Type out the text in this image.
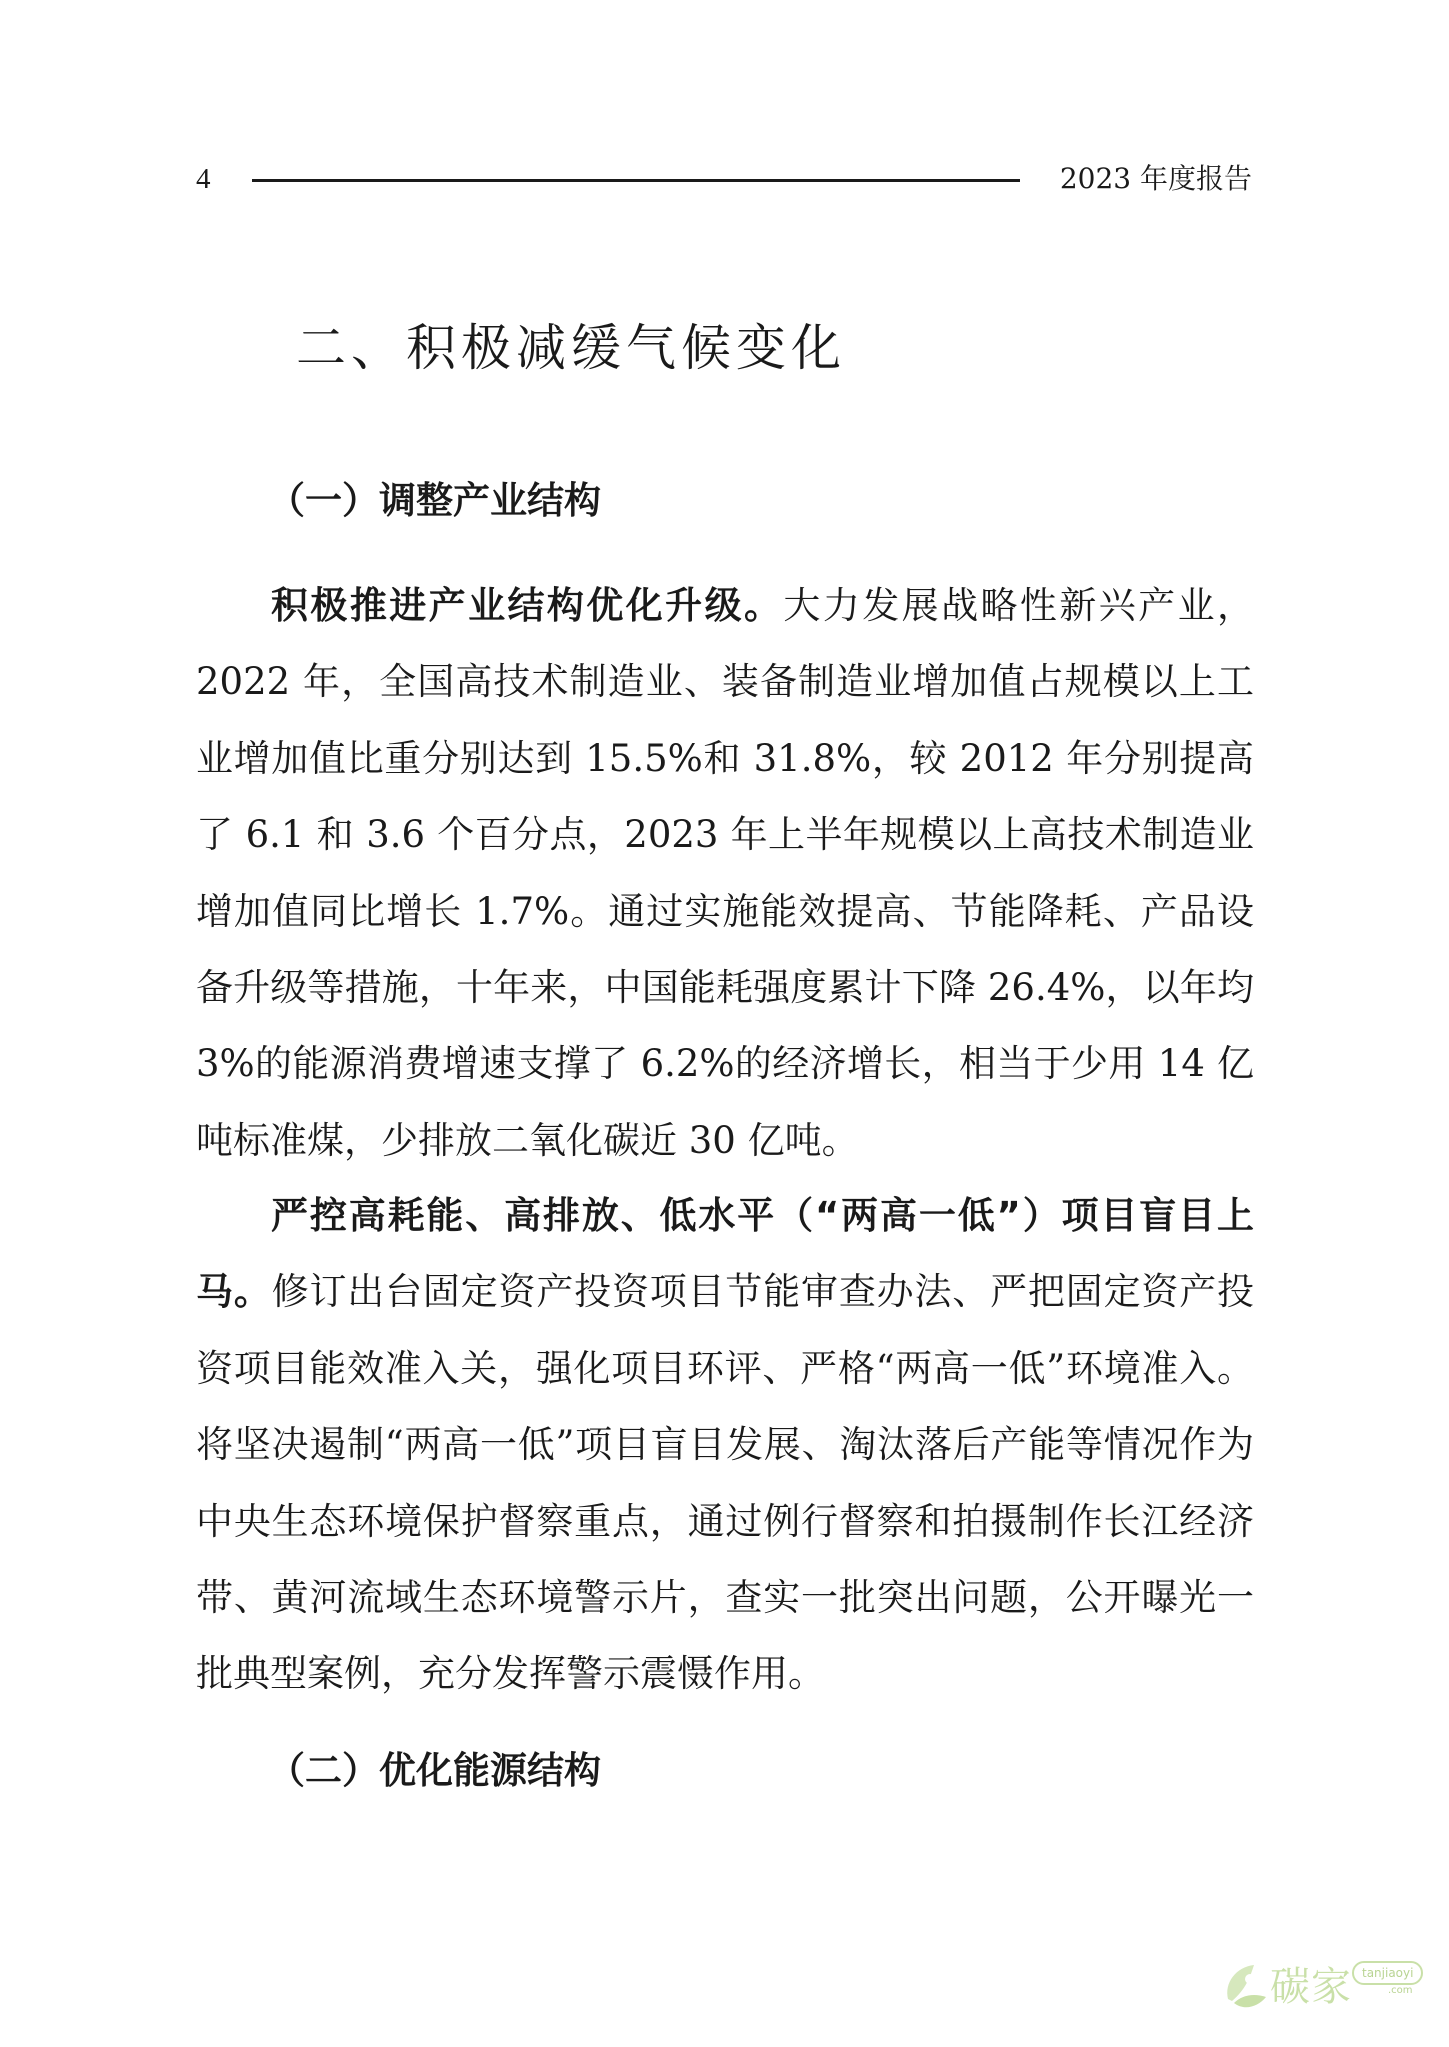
4	2023 年度报告
二、积极减缓气候变化
（一）调整产业结构

积极推进产业结构优化升级。大力发展战略性新兴产业，2022 年，全国高技术制造业、装备制造业增加值占规模以上工业增加值比重分别达到 15.5%和 31.8%，较 2012 年分别提高了 6.1 和 3.6 个百分点，2023 年上半年规模以上高技术制造业增加值同比增长 1.7%。通过实施能效提高、节能降耗、产品设备升级等措施，十年来，中国能耗强度累计下降 26.4%，以年均 3%的能源消费增速支撑了 6.2%的经济增长，相当于少用 14 亿吨标准煤，少排放二氧化碳近 30 亿吨。

严控高耗能、高排放、低水平（“两高一低”）项目盲目上马。修订出台固定资产投资项目节能审查办法、严把固定资产投资项目能效准入关，强化项目环评、严格“两高一低”环境准入。将坚决遏制“两高一低”项目盲目发展、淘汰落后产能等情况作为中央生态环境保护督察重点，通过例行督察和拍摄制作长江经济带、黄河流域生态环境警示片，查实一批突出问题，公开曝光一批典型案例，充分发挥警示震慑作用。

（二）优化能源结构
碳家 tanjiaoyi
.com
